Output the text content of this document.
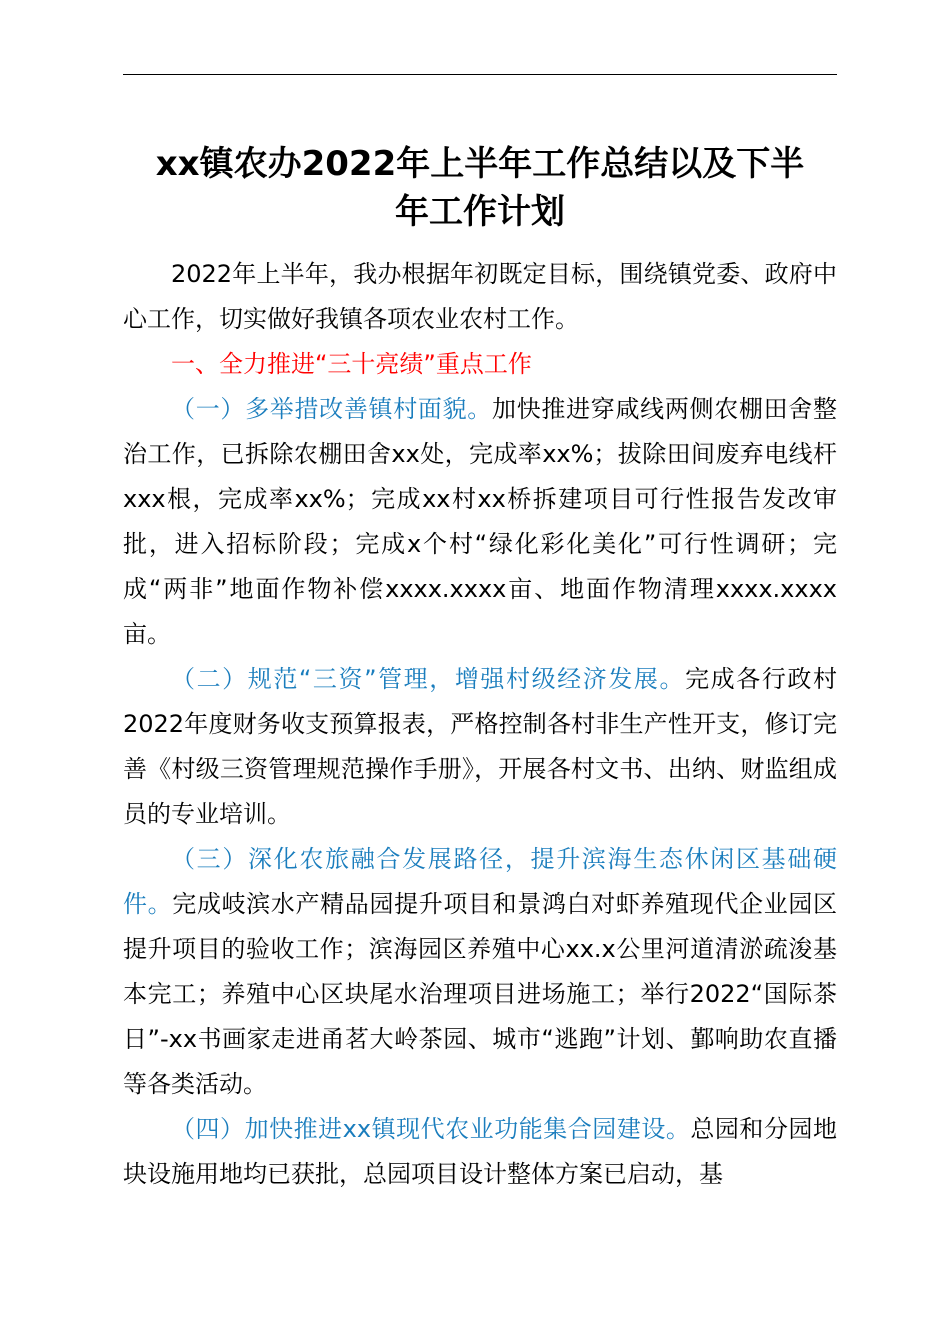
xx镇农办2022年上半年工作总结以及下半
年工作计划

2022年上半年，我办根据年初既定目标，围绕镇党委、政府中心工作，切实做好我镇各项农业农村工作。

一、全力推进“三十亮绩”重点工作

（一）多举措改善镇村面貌。加快推进穿咸线两侧农棚田舍整治工作，已拆除农棚田舍xx处，完成率xx%；拔除田间废弃电线杆xxx根，完成率xx%；完成xx村xx桥拆建项目可行性报告发改审批，进入招标阶段；完成x个村“绿化彩化美化”可行性调研；完成“两非”地面作物补偿xxxx.xxxx亩、地面作物清理xxxx.xxxx亩。

（二）规范“三资”管理，增强村级经济发展。完成各行政村2022年度财务收支预算报表，严格控制各村非生产性开支，修订完善《村级三资管理规范操作手册》，开展各村文书、出纳、财监组成员的专业培训。

（三）深化农旅融合发展路径，提升滨海生态休闲区基础硬件。完成岐滨水产精品园提升项目和景鸿白对虾养殖现代企业园区提升项目的验收工作；滨海园区养殖中心xx.x公里河道清淤疏浚基本完工；养殖中心区块尾水治理项目进场施工；举行2022“国际茶日”-xx书画家走进甬茗大岭茶园、城市“逃跑”计划、鄞响助农直播等各类活动。

（四）加快推进xx镇现代农业功能集合园建设。总园和分园地块设施用地均已获批，总园项目设计整体方案已启动，基
